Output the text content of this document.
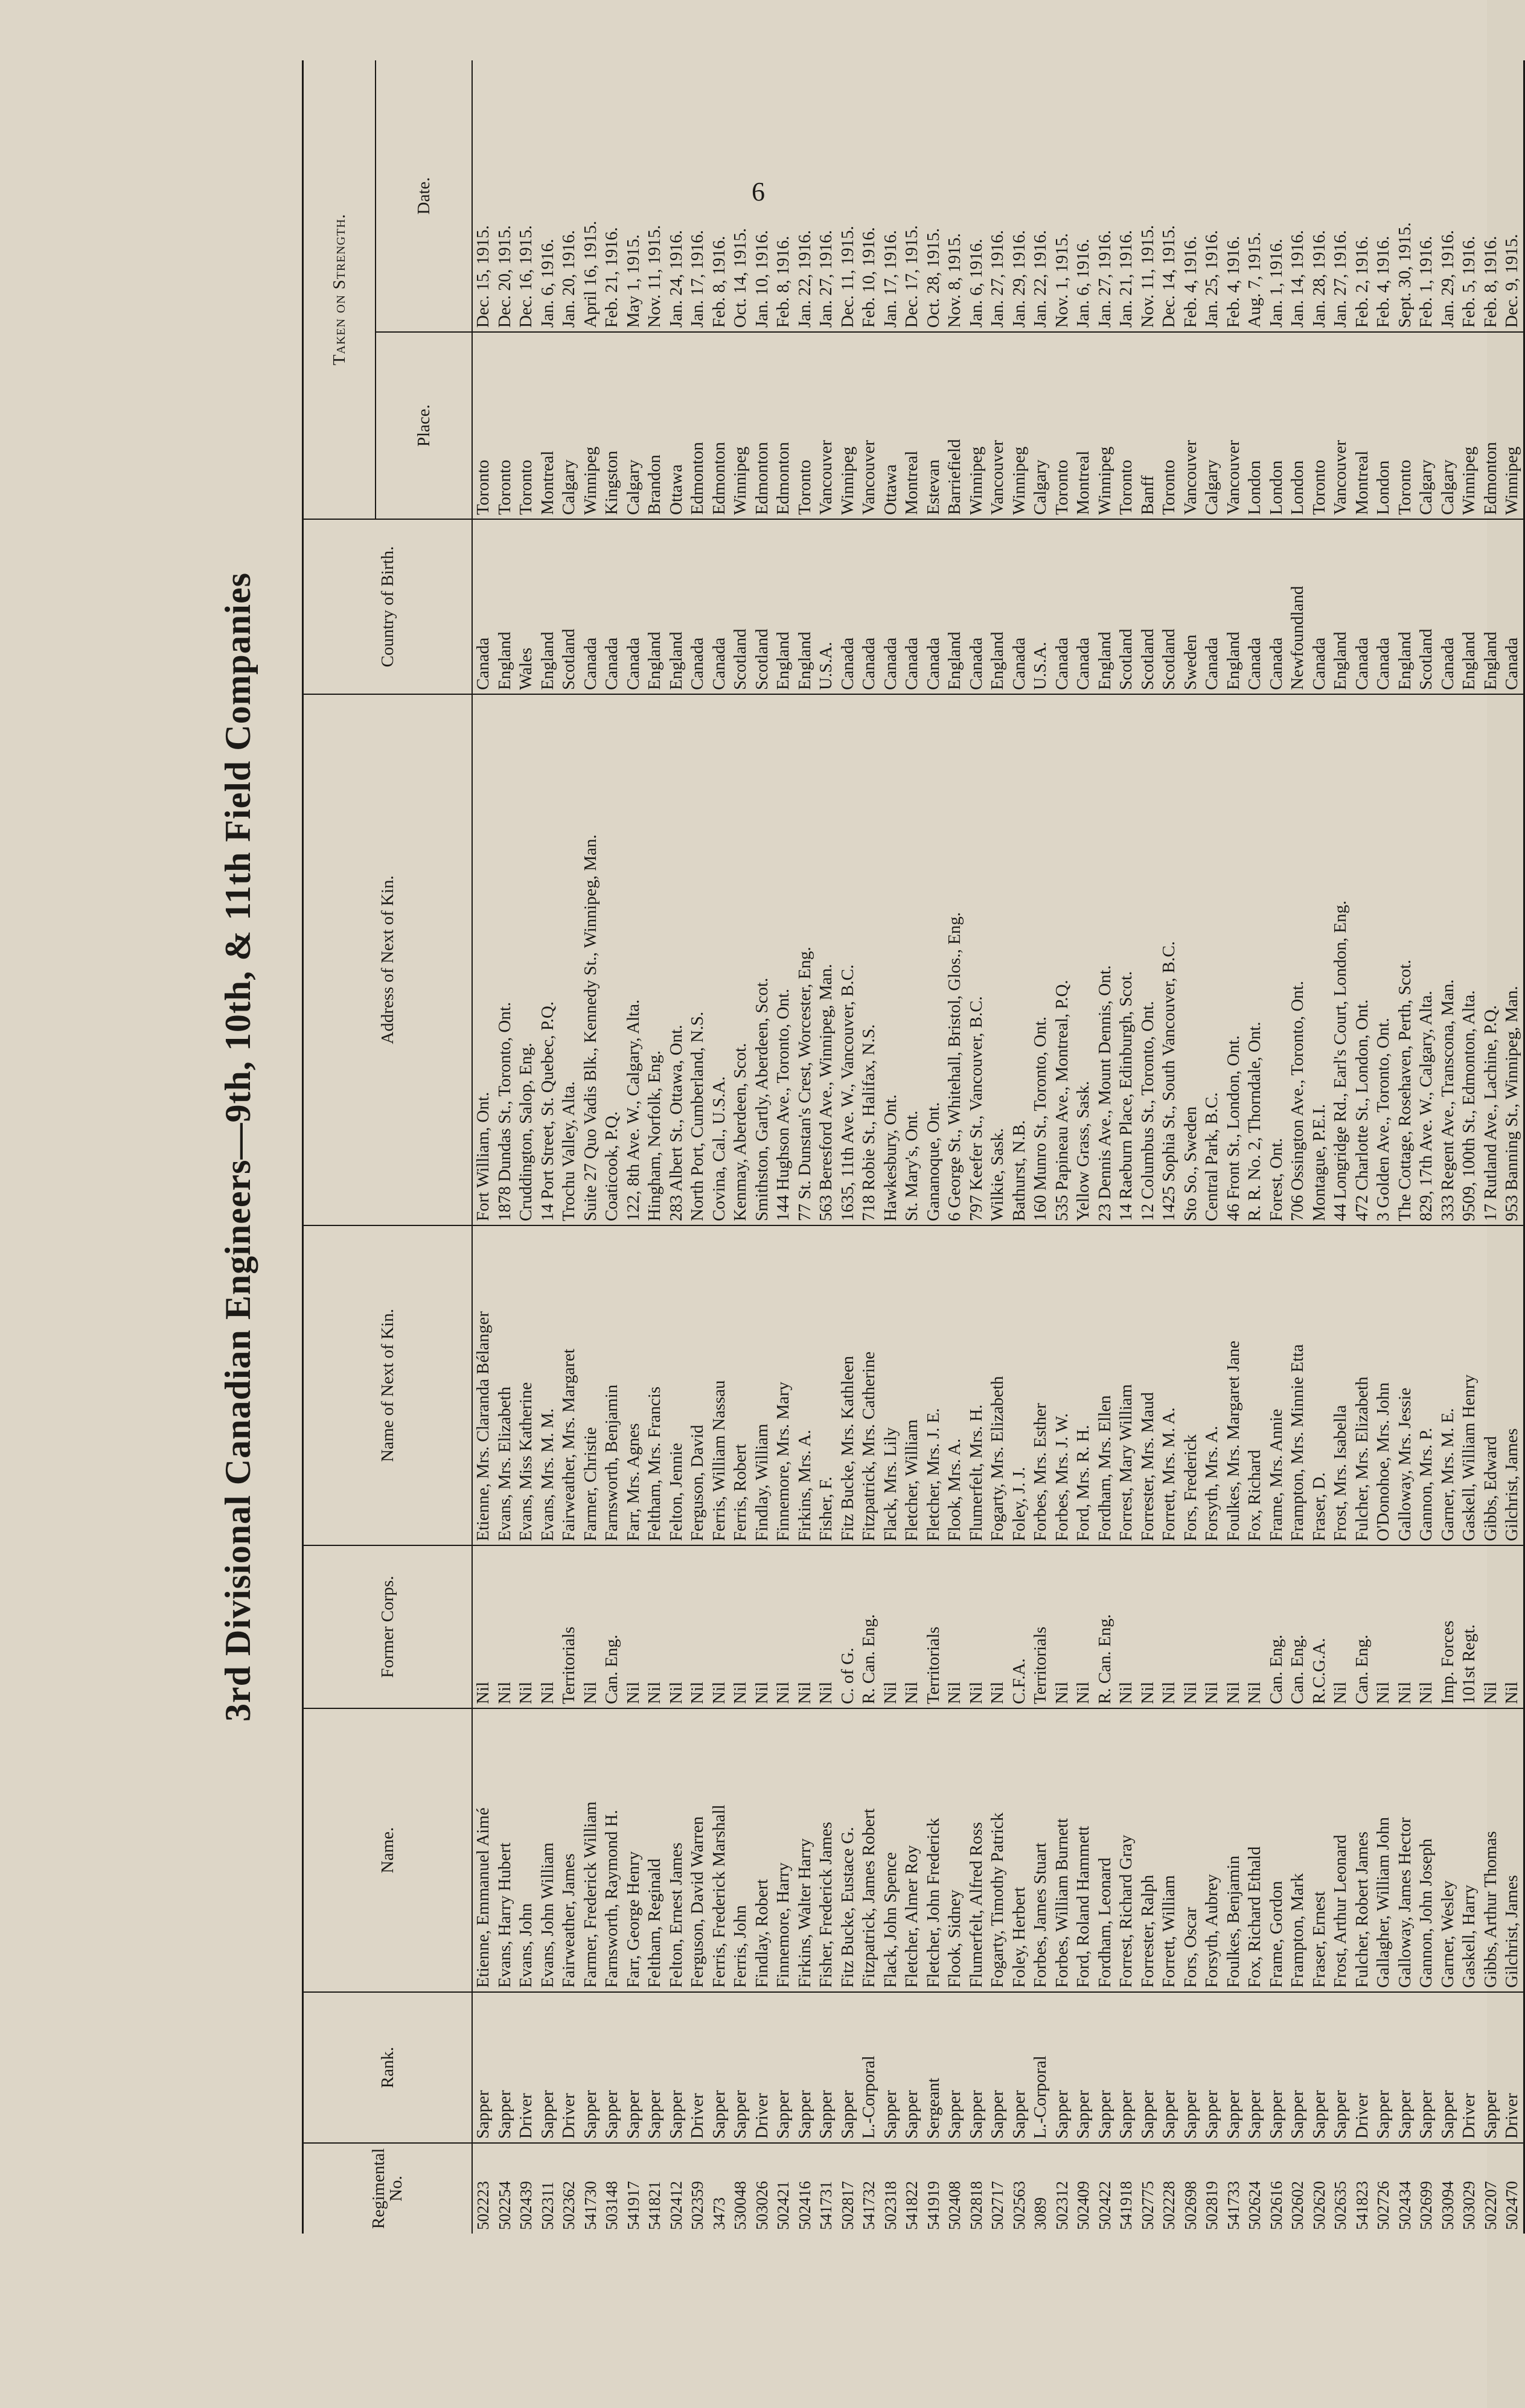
6
3rd Divisional Canadian Engineers—9th, 10th, & 11th Field Companies
Regimental No.	Rank.	Name.	Former Corps.	Name of Next of Kin.	Address of Next of Kin.	Country of Birth.	Taken on Strength.	
							Place.	Date.
502223	Sapper	Etienne, Emmanuel Aimé	Nil	Etienne, Mrs. Claranda Bélanger	Fort William, Ont.	Canada	Toronto	Dec. 15, 1915.
502254	Sapper	Evans, Harry Hubert	Nil	Evans, Mrs. Elizabeth	1878 Dundas St., Toronto, Ont.	England	Toronto	Dec. 20, 1915.
502439	Driver	Evans, John	Nil	Evans, Miss Katherine	Cruddington, Salop, Eng.	Wales	Toronto	Dec. 16, 1915.
502311	Sapper	Evans, John William	Nil	Evans, Mrs. M. M.	14 Port Street, St. Quebec, P.Q.	England	Montreal	Jan. 6, 1916.
502362	Driver	Fairweather, James	Territorials	Fairweather, Mrs. Margaret	Trochu Valley, Alta.	Scotland	Calgary	Jan. 20, 1916.
541730	Sapper	Farmer, Frederick William	Nil	Farmer, Christie	Suite 27 Quo Vadis Blk., Kennedy St., Winnipeg, Man.	Canada	Winnipeg	April 16, 1915.
503148	Sapper	Farnsworth, Raymond H.	Can. Eng.	Farnsworth, Benjamin	Coaticook, P.Q.	Canada	Kingston	Feb. 21, 1916.
541917	Sapper	Farr, George Henry	Nil	Farr, Mrs. Agnes	122, 8th Ave. W., Calgary, Alta.	Canada	Calgary	May 1, 1915.
541821	Sapper	Feltham, Reginald	Nil	Feltham, Mrs. Francis	Hingham, Norfolk, Eng.	England	Brandon	Nov. 11, 1915.
502412	Sapper	Felton, Ernest James	Nil	Felton, Jennie	283 Albert St., Ottawa, Ont.	England	Ottawa	Jan. 24, 1916.
502359	Driver	Ferguson, David Warren	Nil	Ferguson, David	North Port, Cumberland, N.S.	Canada	Edmonton	Jan. 17, 1916.
3473	Sapper	Ferris, Frederick Marshall	Nil	Ferris, William Nassau	Covina, Cal., U.S.A.	Canada	Edmonton	Feb. 8, 1916.
530048	Sapper	Ferris, John	Nil	Ferris, Robert	Kenmay, Aberdeen, Scot.	Scotland	Winnipeg	Oct. 14, 1915.
503026	Driver	Findlay, Robert	Nil	Findlay, William	Smithston, Gartly, Aberdeen, Scot.	Scotland	Edmonton	Jan. 10, 1916.
502421	Sapper	Finnemore, Harry	Nil	Finnemore, Mrs. Mary	144 Hughson Ave., Toronto, Ont.	England	Edmonton	Feb. 8, 1916.
502416	Sapper	Firkins, Walter Harry	Nil	Firkins, Mrs. A.	77 St. Dunstan's Crest, Worcester, Eng.	England	Toronto	Jan. 22, 1916.
541731	Sapper	Fisher, Frederick James	Nil	Fisher, F.	563 Beresford Ave., Winnipeg, Man.	U.S.A.	Vancouver	Jan. 27, 1916.
502817	Sapper	Fitz Bucke, Eustace G.	C. of G.	Fitz Bucke, Mrs. Kathleen	1635, 11th Ave. W., Vancouver, B.C.	Canada	Winnipeg	Dec. 11, 1915.
541732	L.-Corporal	Fitzpatrick, James Robert	R. Can. Eng.	Fitzpatrick, Mrs. Catherine	718 Robie St., Halifax, N.S.	Canada	Vancouver	Feb. 10, 1916.
502318	Sapper	Flack, John Spence	Nil	Flack, Mrs. Lily	Hawkesbury, Ont.	Canada	Ottawa	Jan. 17, 1916.
541822	Sapper	Fletcher, Almer Roy	Nil	Fletcher, William	St. Mary's, Ont.	Canada	Montreal	Dec. 17, 1915.
541919	Sergeant	Fletcher, John Frederick	Territorials	Fletcher, Mrs. J. E.	Gananoque, Ont.	Canada	Estevan	Oct. 28, 1915.
502408	Sapper	Flook, Sidney	Nil	Flook, Mrs. A.	6 George St., Whitehall, Bristol, Glos., Eng.	England	Barriefield	Nov. 8, 1915.
502818	Sapper	Flumerfelt, Alfred Ross	Nil	Flumerfelt, Mrs. H.	797 Keefer St., Vancouver, B.C.	Canada	Winnipeg	Jan. 6, 1916.
502717	Sapper	Fogarty, Timothy Patrick	Nil	Fogarty, Mrs. Elizabeth	Wilkie, Sask.	England	Vancouver	Jan. 27, 1916.
502563	Sapper	Foley, Herbert	C.F.A.	Foley, J. J.	Bathurst, N.B.	Canada	Winnipeg	Jan. 29, 1916.
3089	L.-Corporal	Forbes, James Stuart	Territorials	Forbes, Mrs. Esther	160 Munro St., Toronto, Ont.	U.S.A.	Calgary	Jan. 22, 1916.
502312	Sapper	Forbes, William Burnett	Nil	Forbes, Mrs. J. W.	535 Papineau Ave., Montreal, P.Q.	Canada	Toronto	Nov. 1, 1915.
502409	Sapper	Ford, Roland Hammett	Nil	Ford, Mrs. R. H.	Yellow Grass, Sask.	Canada	Montreal	Jan. 6, 1916.
502422	Sapper	Fordham, Leonard	R. Can. Eng.	Fordham, Mrs. Ellen	23 Dennis Ave., Mount Dennis, Ont.	England	Winnipeg	Jan. 27, 1916.
541918	Sapper	Forrest, Richard Gray	Nil	Forrest, Mary William	14 Raeburn Place, Edinburgh, Scot.	Scotland	Toronto	Jan. 21, 1916.
502775	Sapper	Forrester, Ralph	Nil	Forrester, Mrs. Maud	12 Columbus St., Toronto, Ont.	Scotland	Banff	Nov. 11, 1915.
502228	Sapper	Forrett, William	Nil	Forrett, Mrs. M. A.	1425 Sophia St., South Vancouver, B.C.	Scotland	Toronto	Dec. 14, 1915.
502698	Sapper	Fors, Oscar	Nil	Fors, Frederick	Sto So., Sweden	Sweden	Vancouver	Feb. 4, 1916.
502819	Sapper	Forsyth, Aubrey	Nil	Forsyth, Mrs. A.	Central Park, B.C.	Canada	Calgary	Jan. 25, 1916.
541733	Sapper	Foulkes, Benjamin	Nil	Foulkes, Mrs. Margaret Jane	46 Front St., London, Ont.	England	Vancouver	Feb. 4, 1916.
502624	Sapper	Fox, Richard Ethald	Nil	Fox, Richard	R. R. No. 2, Thorndale, Ont.	Canada	London	Aug. 7, 1915.
502616	Sapper	Frame, Gordon	Can. Eng.	Frame, Mrs. Annie	Forest, Ont.	Canada	London	Jan. 1, 1916.
502602	Sapper	Frampton, Mark	Can. Eng.	Frampton, Mrs. Minnie Etta	706 Ossington Ave., Toronto, Ont.	Newfoundland	London	Jan. 14, 1916.
502620	Sapper	Fraser, Ernest	R.C.G.A.	Fraser, D.	Montague, P.E.I.	Canada	Toronto	Jan. 28, 1916.
502635	Sapper	Frost, Arthur Leonard	Nil	Frost, Mrs. Isabella	44 Longridge Rd., Earl's Court, London, Eng.	England	Vancouver	Jan. 27, 1916.
541823	Driver	Fulcher, Robert James	Can. Eng.	Fulcher, Mrs. Elizabeth	472 Charlotte St., London, Ont.	Canada	Montreal	Feb. 2, 1916.
502726	Sapper	Gallagher, William John	Nil	O'Donohoe, Mrs. John	3 Golden Ave., Toronto, Ont.	Canada	London	Feb. 4, 1916.
502434	Sapper	Galloway, James Hector	Nil	Galloway, Mrs. Jessie	The Cottage, Rosehaven, Perth, Scot.	England	Toronto	Sept. 30, 1915.
502699	Sapper	Gannon, John Joseph	Nil	Gannon, Mrs. P.	829, 17th Ave. W., Calgary, Alta.	Scotland	Calgary	Feb. 1, 1916.
503094	Sapper	Garner, Wesley	Imp. Forces	Garner, Mrs. M. E.	333 Regent Ave., Transcona, Man.	Canada	Calgary	Jan. 29, 1916.
503029	Driver	Gaskell, Harry	101st Regt.	Gaskell, William Henry	9509, 100th St., Edmonton, Alta.	England	Winnipeg	Feb. 5, 1916.
502207	Sapper	Gibbs, Arthur Thomas	Nil	Gibbs, Edward	17 Rutland Ave., Lachine, P.Q.	England	Edmonton	Feb. 8, 1916.
502470	Driver	Gilchrist, James	Nil	Gilchrist, James	953 Banning St., Winnipeg, Man.	Canada	Winnipeg	Dec. 9, 1915.
